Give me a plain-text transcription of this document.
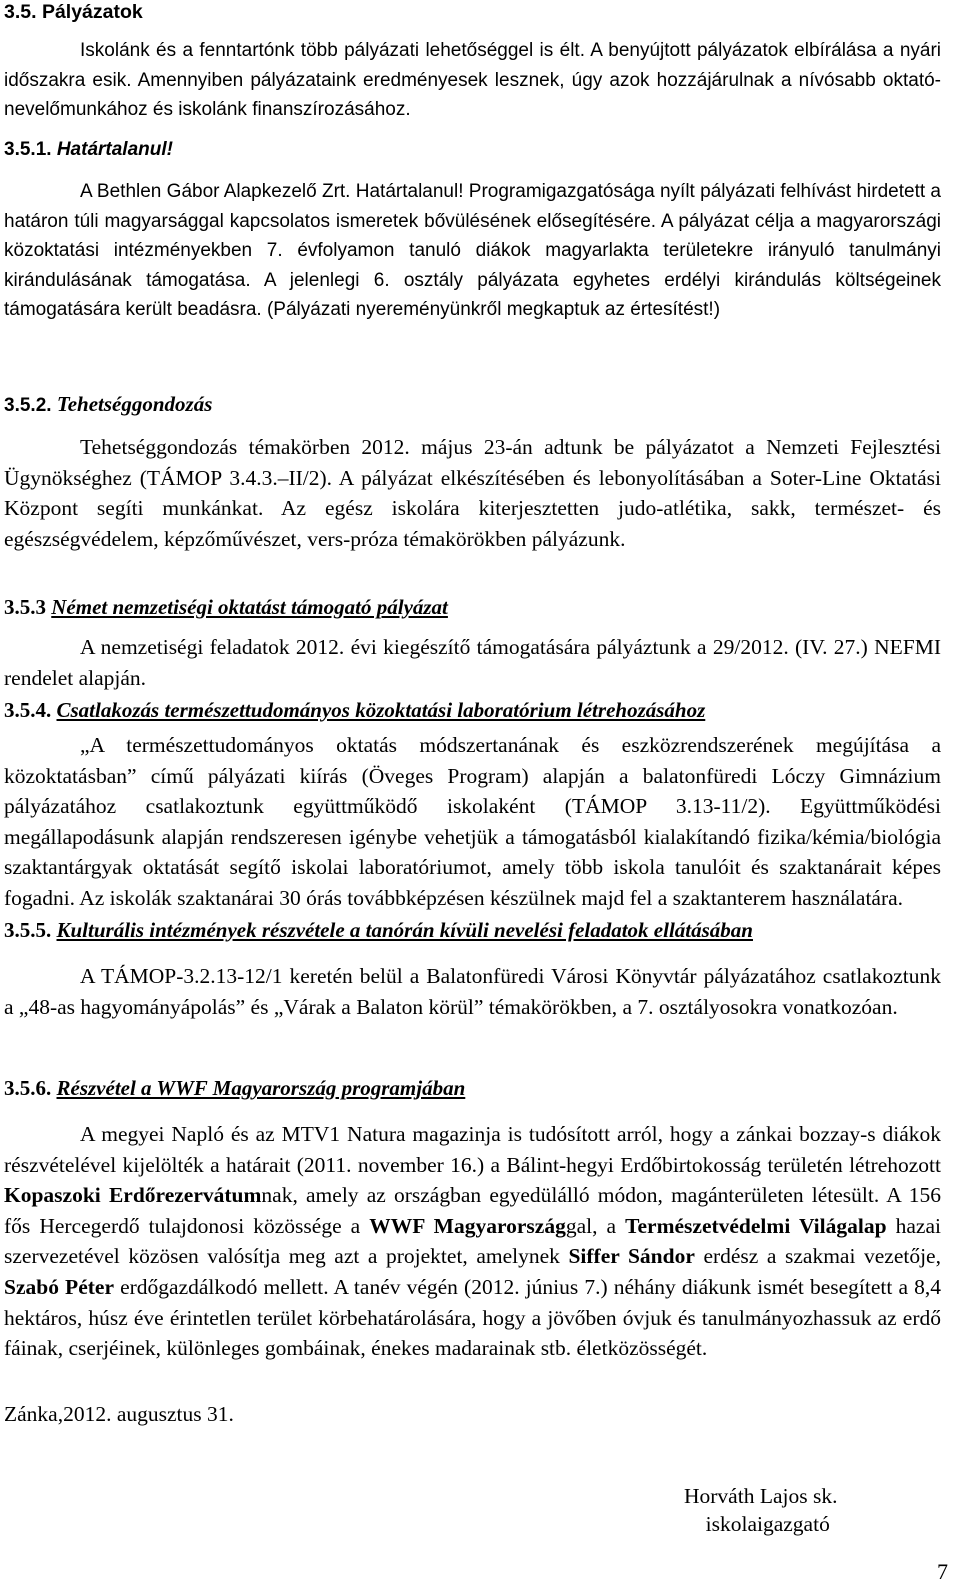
3.5. Pályázatok

Iskolánk és a fenntartónk több pályázati lehetőséggel is élt. A benyújtott pályázatok elbírálása a nyári időszakra esik. Amennyiben pályázataink eredményesek lesznek, úgy azok hozzájárulnak a nívósabb oktató-nevelőmunkához és iskolánk finanszírozásához.

3.5.1. Határtalanul!

A Bethlen Gábor Alapkezelő Zrt. Határtalanul! Programigazgatósága nyílt pályázati felhívást hirdetett a határon túli magyarsággal kapcsolatos ismeretek bővülésének elősegítésére. A pályázat célja a magyarországi közoktatási intézményekben 7. évfolyamon tanuló diákok magyarlakta területekre irányuló tanulmányi kirándulásának támogatása. A jelenlegi 6. osztály pályázata egyhetes erdélyi kirándulás költségeinek támogatására került beadásra. (Pályázati nyereményünkről megkaptuk az értesítést!)

3.5.2. Tehetséggondozás

Tehetséggondozás témakörben 2012. május 23-án adtunk be pályázatot a Nemzeti Fejlesztési Ügynökséghez (TÁMOP 3.4.3.–II/2). A pályázat elkészítésében és lebonyolításában a Soter-Line Oktatási Központ segíti munkánkat. Az egész iskolára kiterjesztetten judo-atlétika, sakk, természet- és egészségvédelem, képzőművészet, vers-próza témakörökben pályázunk.

3.5.3 Német nemzetiségi oktatást támogató pályázat

A nemzetiségi feladatok 2012. évi kiegészítő támogatására pályáztunk a 29/2012. (IV. 27.) NEFMI rendelet alapján.

3.5.4. Csatlakozás természettudományos közoktatási laboratórium létrehozásához

„A természettudományos oktatás módszertanának és eszközrendszerének megújítása a közoktatásban” című pályázati kiírás (Öveges Program) alapján a balatonfüredi Lóczy Gimnázium pályázatához csatlakoztunk együttműködő iskolaként (TÁMOP 3.13-11/2). Együttműködési megállapodásunk alapján rendszeresen igénybe vehetjük a támogatásból kialakítandó fizika/kémia/biológia szaktantárgyak oktatását segítő iskolai laboratóriumot, amely több iskola tanulóit és szaktanárait képes fogadni. Az iskolák szaktanárai 30 órás továbbképzésen készülnek majd fel a szaktanterem használatára.

3.5.5. Kulturális intézmények részvétele a tanórán kívüli nevelési feladatok ellátásában

A TÁMOP-3.2.13-12/1 keretén belül a Balatonfüredi Városi Könyvtár pályázatához csatlakoztunk a „48-as hagyományápolás” és „Várak a Balaton körül” témakörökben, a 7. osztályosokra vonatkozóan.

3.5.6. Részvétel a WWF Magyarország programjában

A megyei Napló és az MTV1 Natura magazinja is tudósított arról, hogy a zánkai bozzay-s diákok részvételével kijelölték a határait (2011. november 16.) a Bálint-hegyi Erdőbirtokosság területén létrehozott Kopaszoki Erdőrezervátumnak, amely az országban egyedülálló módon, magánterületen létesült. A 156 fős Hercegerdő tulajdonosi közössége a WWF Magyarországgal, a Természetvédelmi Világalap hazai szervezetével közösen valósítja meg azt a projektet, amelynek Siffer Sándor erdész a szakmai vezetője, Szabó Péter erdőgazdálkodó mellett. A tanév végén (2012. június 7.) néhány diákunk ismét besegített a 8,4 hektáros, húsz éve érintetlen terület körbehatárolására, hogy a jövőben óvjuk és tanulmányozhassuk az erdő fáinak, cserjéinek, különleges gombáinak, énekes madarainak stb. életközösségét.

Zánka,2012. augusztus 31.
Horváth Lajos sk.
iskolaigazgató
7
